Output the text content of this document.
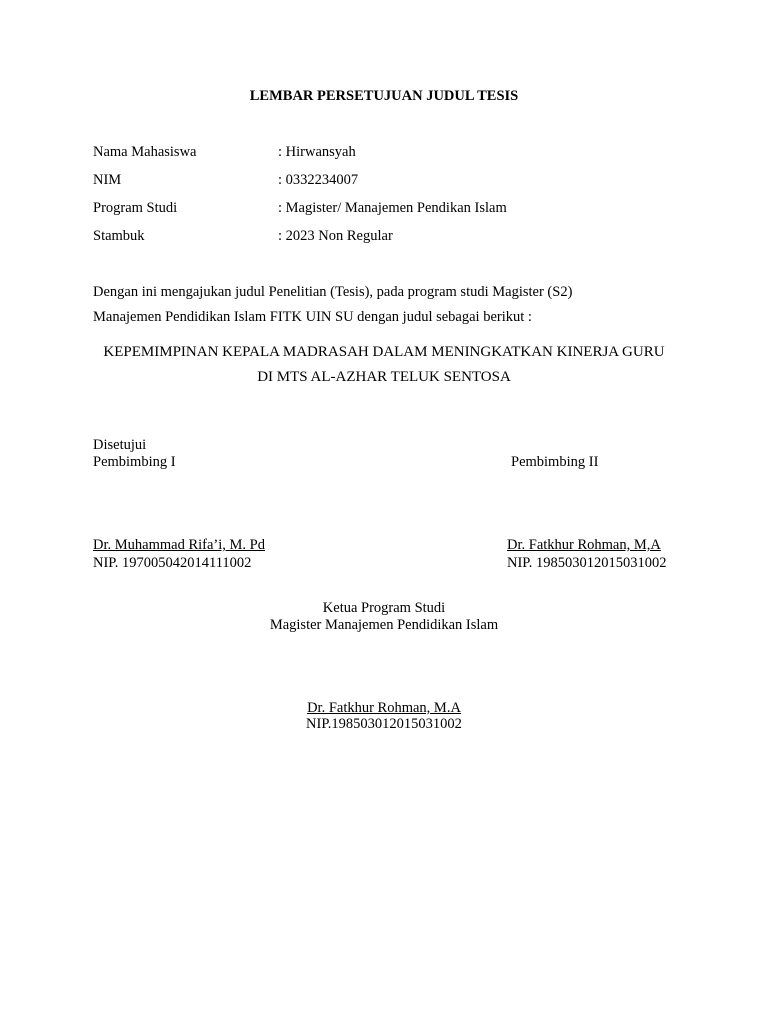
LEMBAR PERSETUJUAN JUDUL TESIS
Nama Mahasiswa	: Hirwansyah
NIM	: 0332234007
Program Studi	: Magister/ Manajemen Pendikan Islam
Stambuk	: 2023 Non Regular
Dengan ini mengajukan judul Penelitian (Tesis), pada program studi Magister (S2)
Manajemen Pendidikan Islam FITK UIN SU dengan judul sebagai berikut :
KEPEMIMPINAN KEPALA MADRASAH DALAM MENINGKATKAN KINERJA GURU
DI MTS AL-AZHAR TELUK SENTOSA
Disetujui
Pembimbing I	Pembimbing II
Dr. Muhammad Rifa’i, M. Pd
NIP. 197005042014111002
Dr. Fatkhur Rohman, M,A
NIP. 198503012015031002
Ketua Program Studi
Magister Manajemen Pendidikan Islam
Dr. Fatkhur Rohman, M.A
NIP.198503012015031002
